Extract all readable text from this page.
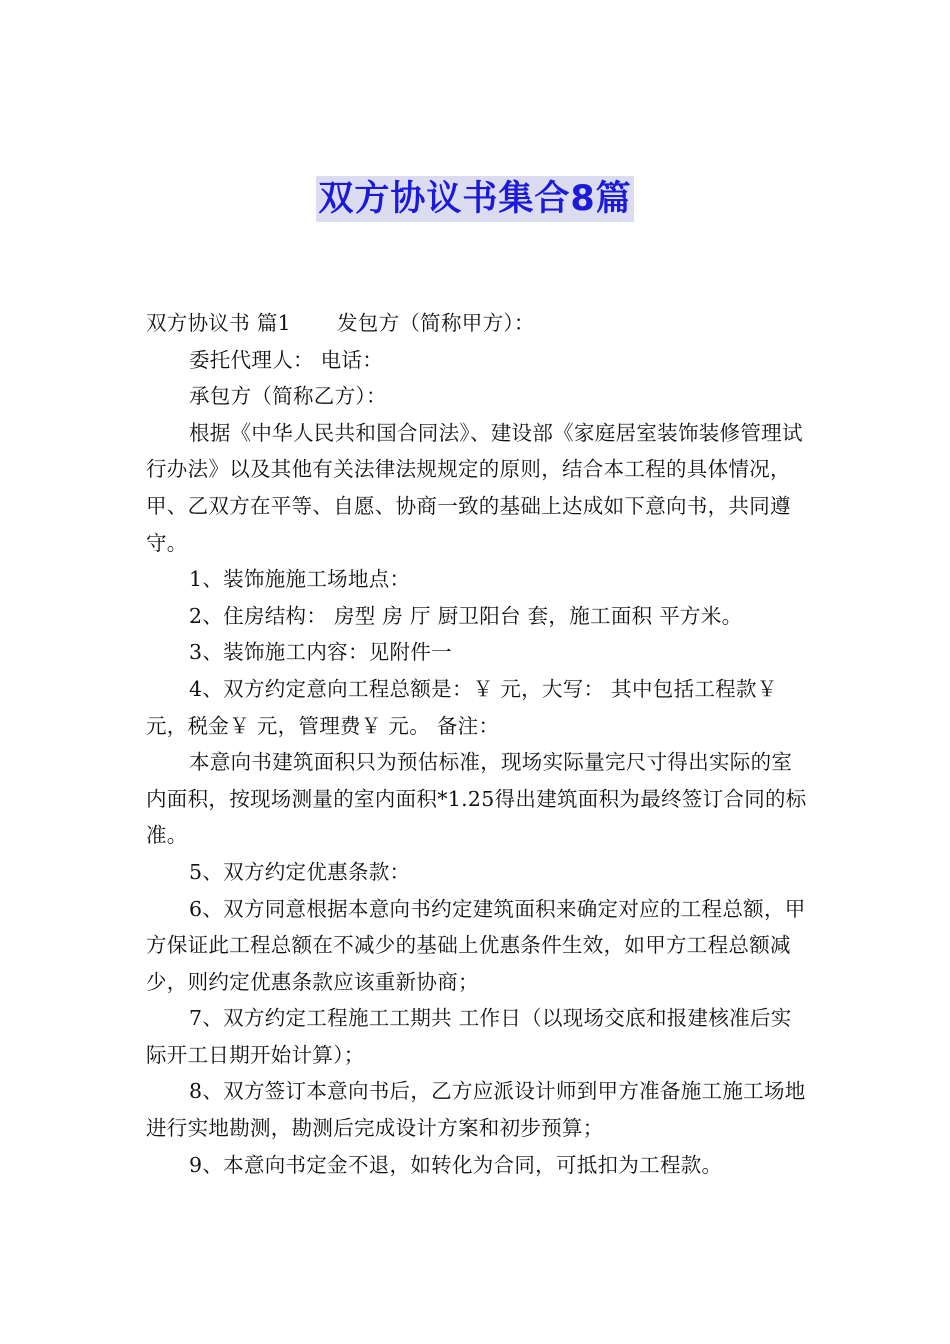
双方协议书集合8篇

双方协议书 篇1 发包方（简称甲方）：

委托代理人： 电话：

承包方（简称乙方）：

根据《中华人民共和国合同法》、建设部《家庭居室装饰装修管理试行办法》以及其他有关法律法规规定的原则，结合本工程的具体情况，甲、乙双方在平等、自愿、协商一致的基础上达成如下意向书，共同遵守。

1、装饰施施工场地点：

2、住房结构： 房型 房 厅 厨卫阳台 套，施工面积 平方米。

3、装饰施工内容：见附件一

4、双方约定意向工程总额是：￥ 元，大写： 其中包括工程款￥ 元，税金￥ 元，管理费￥ 元。 备注：

本意向书建筑面积只为预估标准，现场实际量完尺寸得出实际的室内面积，按现场测量的室内面积*1.25得出建筑面积为最终签订合同的标准。

5、双方约定优惠条款：

6、双方同意根据本意向书约定建筑面积来确定对应的工程总额，甲方保证此工程总额在不减少的基础上优惠条件生效，如甲方工程总额减少，则约定优惠条款应该重新协商；

7、双方约定工程施工工期共 工作日（以现场交底和报建核准后实际开工日期开始计算）；

8、双方签订本意向书后，乙方应派设计师到甲方准备施工施工场地进行实地勘测，勘测后完成设计方案和初步预算；

9、本意向书定金不退，如转化为合同，可抵扣为工程款。
